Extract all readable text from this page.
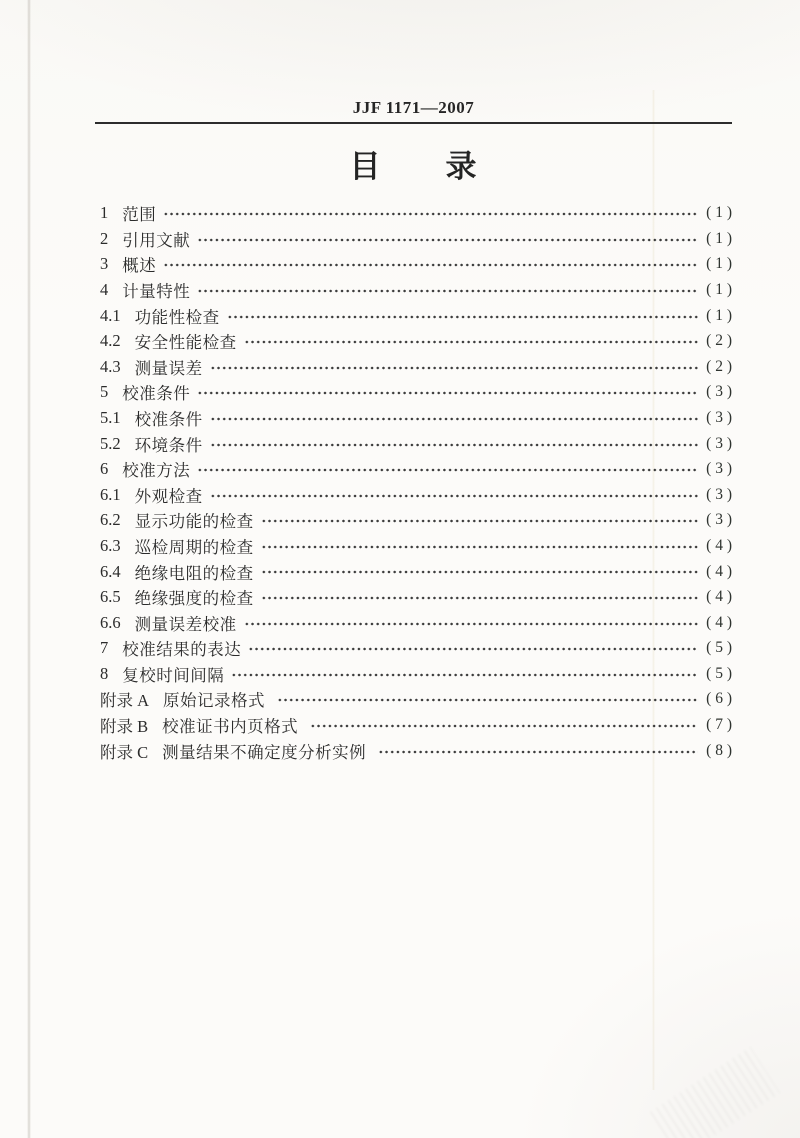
JJF 1171—2007
目　　录
1 范围	( 1 )
2 引用文献	( 1 )
3 概述	( 1 )
4 计量特性	( 1 )
4.1 功能性检查	( 1 )
4.2 安全性能检查	( 2 )
4.3 测量误差	( 2 )
5 校准条件	( 3 )
5.1 校准条件	( 3 )
5.2 环境条件	( 3 )
6 校准方法	( 3 )
6.1 外观检查	( 3 )
6.2 显示功能的检查	( 3 )
6.3 巡检周期的检查	( 4 )
6.4 绝缘电阻的检查	( 4 )
6.5 绝缘强度的检查	( 4 )
6.6 测量误差校准	( 4 )
7 校准结果的表达	( 5 )
8 复校时间间隔	( 5 )
附录 A 原始记录格式	( 6 )
附录 B 校准证书内页格式	( 7 )
附录 C 测量结果不确定度分析实例	( 8 )
